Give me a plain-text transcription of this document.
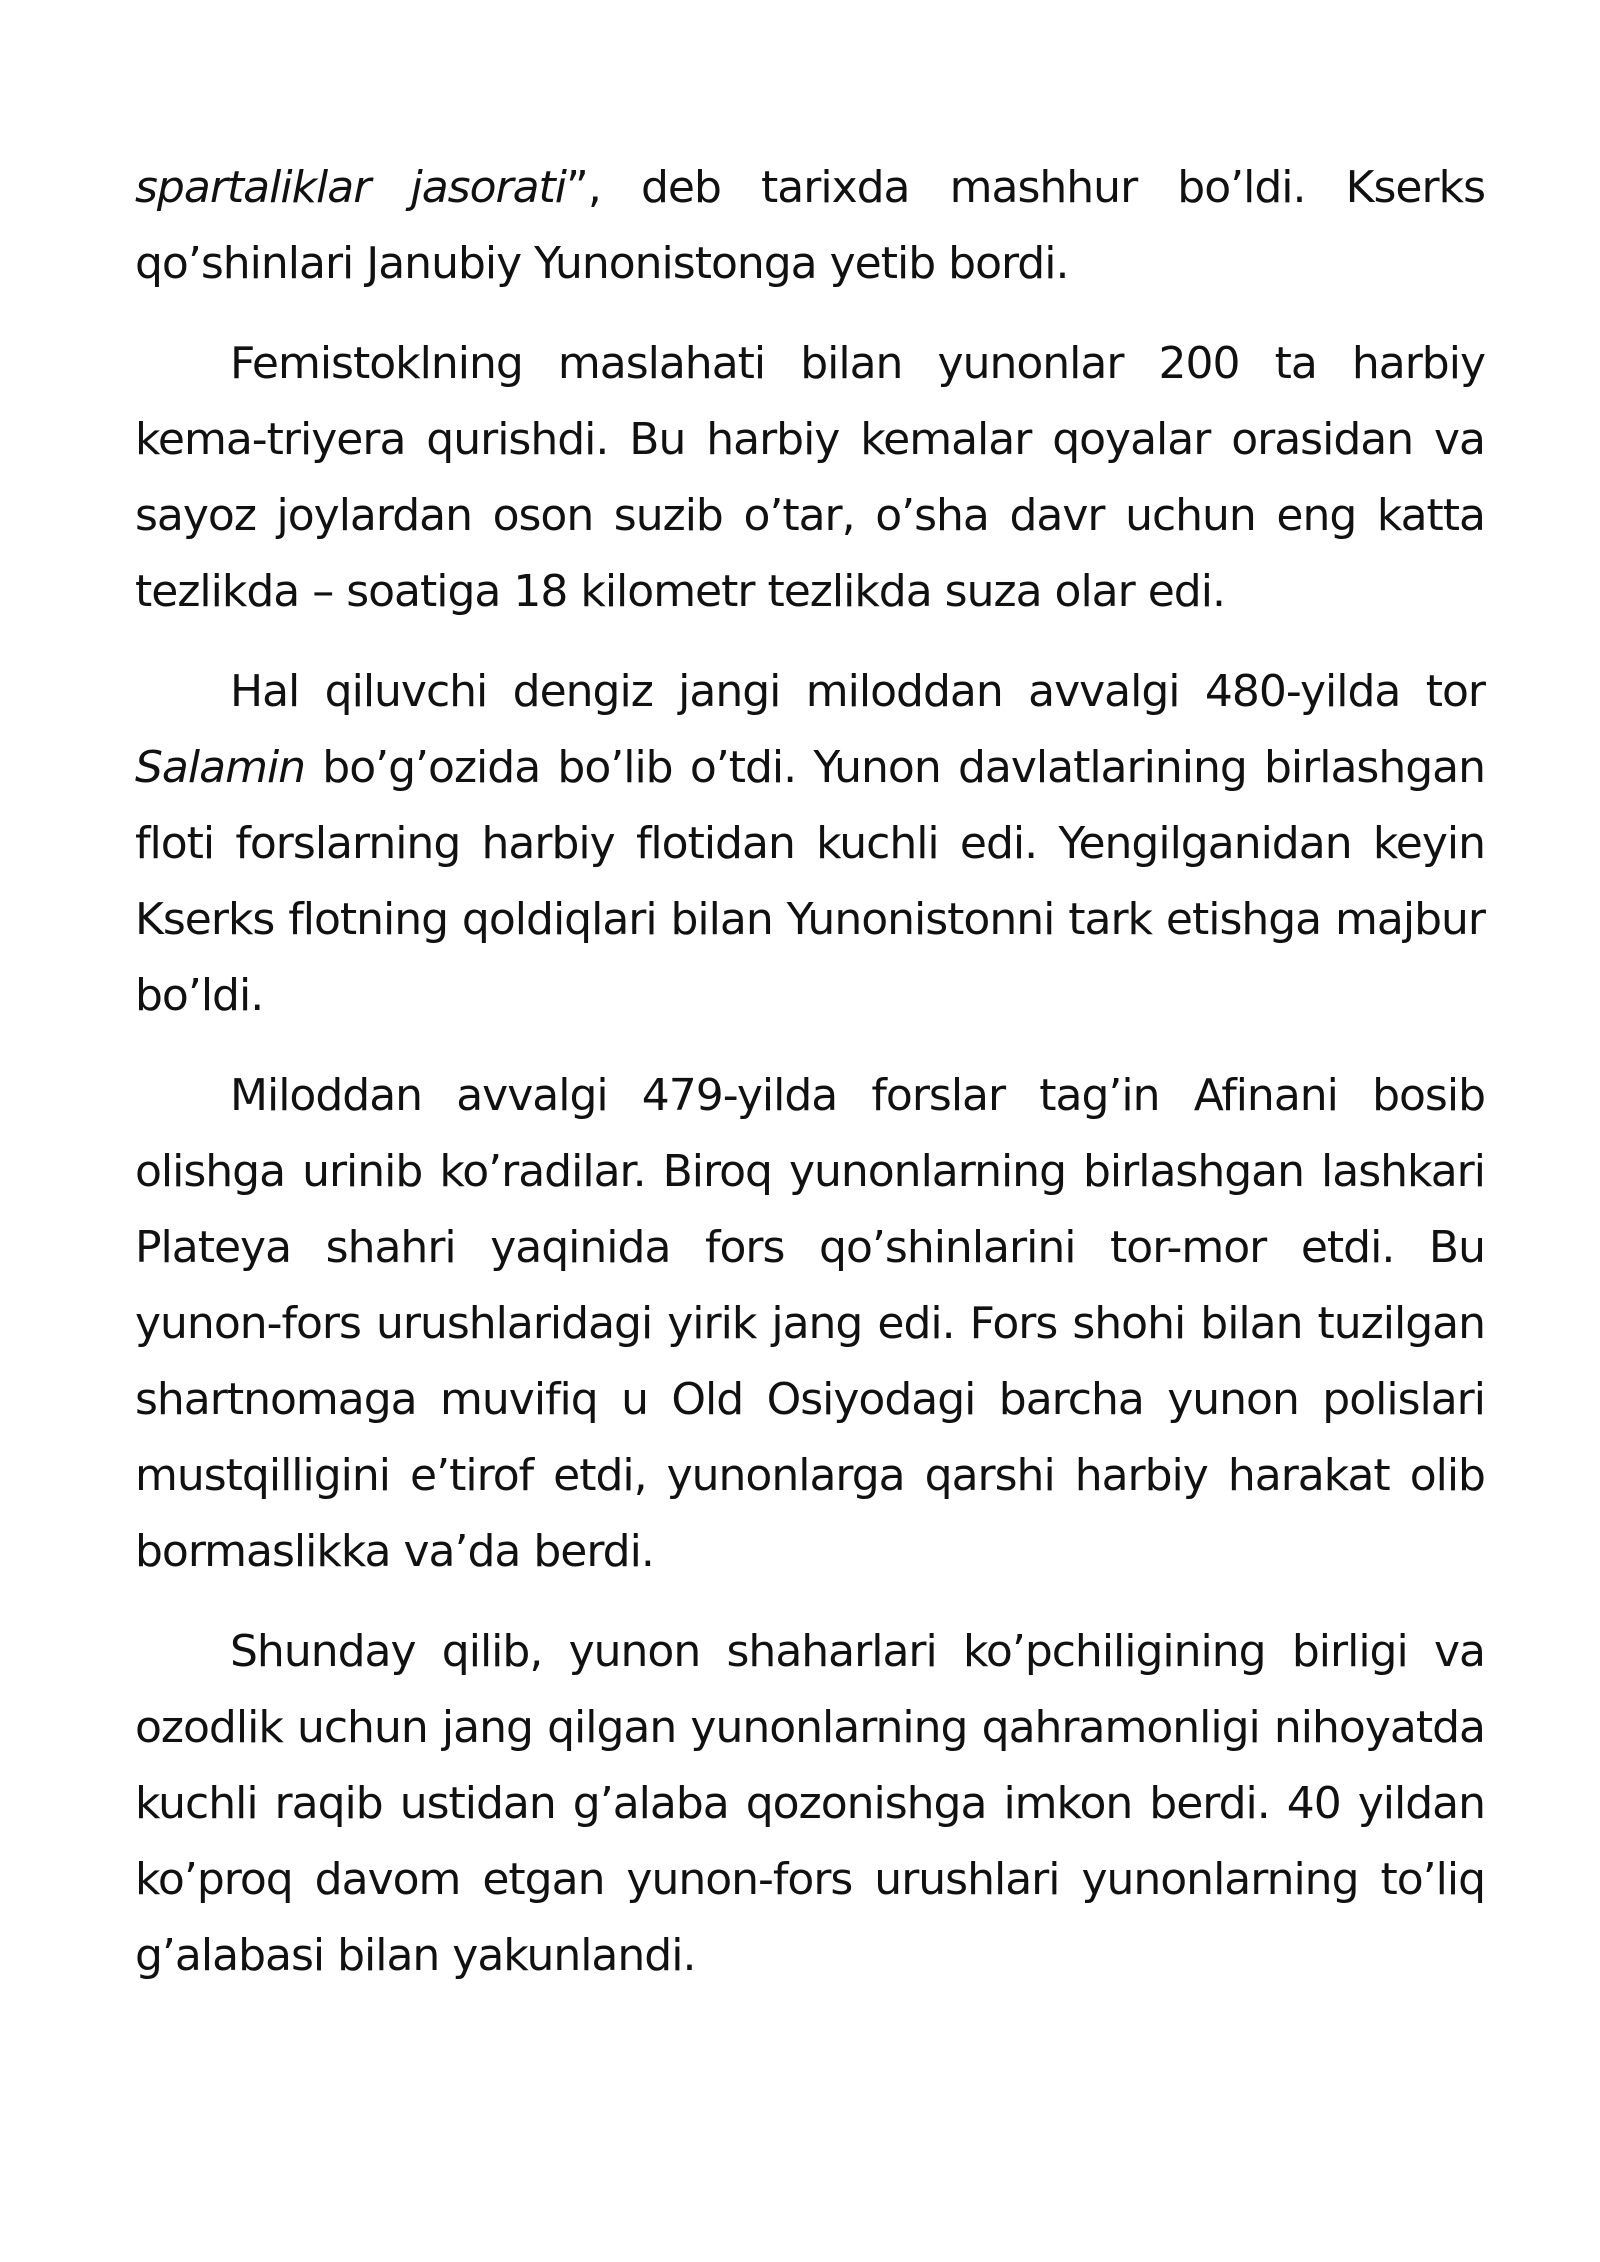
spartaliklar jasorati”, deb tarixda mashhur bo’ldi. Kserks qo’shinlari Janubiy Yunonistonga yetib bordi.

Femistoklning maslahati bilan yunonlar 200 ta harbiy kema-triyera qurishdi. Bu harbiy kemalar qoyalar orasidan va sayoz joylardan oson suzib o’tar, o’sha davr uchun eng katta tezlikda – soatiga 18 kilometr tezlikda suza olar edi.

Hal qiluvchi dengiz jangi miloddan avvalgi 480-yilda tor Salamin bo’g’ozida bo’lib o’tdi. Yunon davlatlarining birlashgan floti forslarning harbiy flotidan kuchli edi. Yengilganidan keyin Kserks flotning qoldiqlari bilan Yunonistonni tark etishga majbur bo’ldi.

Miloddan avvalgi 479-yilda forslar tag’in Afinani bosib olishga urinib ko’radilar. Biroq yunonlarning birlashgan lashkari Plateya shahri yaqinida fors qo’shinlarini tor-mor etdi. Bu yunon-fors urushlaridagi yirik jang edi. Fors shohi bilan tuzilgan shartnomaga muvifiq u Old Osiyodagi barcha yunon polislari mustqilligini e’tirof etdi, yunonlarga qarshi harbiy harakat olib bormaslikka va’da berdi.

Shunday qilib, yunon shaharlari ko’pchiligining birligi va ozodlik uchun jang qilgan yunonlarning qahramonligi nihoyatda kuchli raqib ustidan g’alaba qozonishga imkon berdi. 40 yildan ko’proq davom etgan yunon-fors urushlari yunonlarning to’liq g’alabasi bilan yakunlandi.
